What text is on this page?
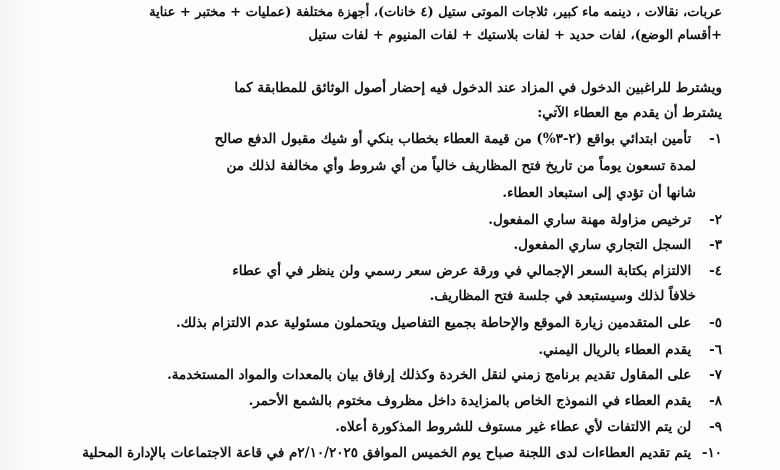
عربات، نقالات ، دينمه ماء كبير، ثلاجات الموتى ستيل (٤ خانات)، أجهزة مختلفة (عمليات + مختبر + عناية
+أقسام الوضع)، لفات حديد + لفات بلاستيك + لفات المنيوم + لفات ستيل
ويشترط للراغبين الدخول في المزاد عند الدخول فيه إحضار أصول الوثائق للمطابقة كما
يشترط أن يقدم مع العطاء الآتي:
١- تأمين ابتدائي بواقع (٢-٣%) من قيمة العطاء بخطاب بنكي أو شيك مقبول الدفع صالح
لمدة تسعون يوماً من تاريخ فتح المظاريف خالياً من أي شروط وأي مخالفة لذلك من
شانها أن تؤدي إلى استبعاد العطاء.
٢- ترخيص مزاولة مهنة ساري المفعول.
٣- السجل التجاري ساري المفعول.
٤- الالتزام بكتابة السعر الإجمالي في ورقة عرض سعر رسمي ولن ينظر في أي عطاء
خلافاً لذلك وسيستبعد في جلسة فتح المظاريف.
٥- على المتقدمين زيارة الموقع والإحاطة بجميع التفاصيل ويتحملون مسئولية عدم الالتزام بذلك.
٦- يقدم العطاء بالريال اليمني.
٧- على المقاول تقديم برنامج زمني لنقل الخردة وكذلك إرفاق بيان بالمعدات والمواد المستخدمة.
٨- يقدم العطاء في النموذج الخاص بالمزايدة داخل مظروف مختوم بالشمع الأحمر.
٩- لن يتم الالتفات لأي عطاء غير مستوف للشروط المذكورة أعلاه.
١٠- يتم تقديم العطاءات لدى اللجنة صباح يوم الخميس الموافق ٢/١٠/٢٠٢٥م في قاعة الاجتماعات بالإدارة المحلية
